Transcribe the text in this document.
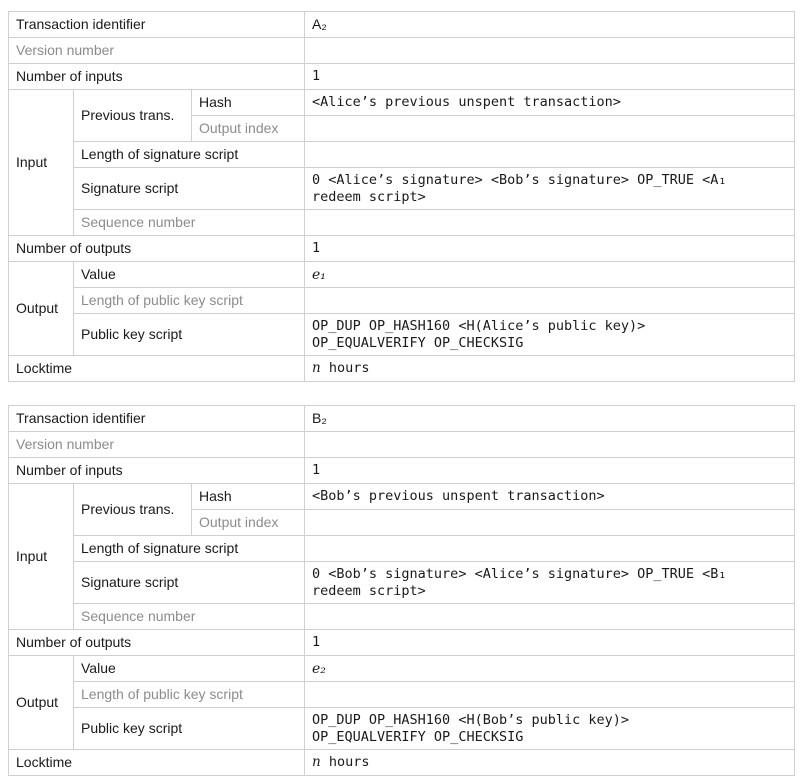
Transaction identifier			A₂
Version number			
Number of inputs			1
Input	Previous trans.	Hash	<Alice’s previous unspent transaction>
		Output index	
	Length of signature script		
	Signature script		0 <Alice’s signature> <Bob’s signature> OP_TRUE <A₁
redeem script>

	Sequence number		
Number of outputs			1
Output	Value		e₁
	Length of public key script		
	Public key script		OP_DUP OP_HASH160 <H(Alice’s public key)>
OP_EQUALVERIFY OP_CHECKSIG

Locktime			n hours
Transaction identifier			B₂
Version number			
Number of inputs			1
Input	Previous trans.	Hash	<Bob’s previous unspent transaction>
		Output index	
	Length of signature script		
	Signature script		0 <Bob’s signature> <Alice’s signature> OP_TRUE <B₁
redeem script>

	Sequence number		
Number of outputs			1
Output	Value		e₂
	Length of public key script		
	Public key script		OP_DUP OP_HASH160 <H(Bob’s public key)>
OP_EQUALVERIFY OP_CHECKSIG

Locktime			n hours
